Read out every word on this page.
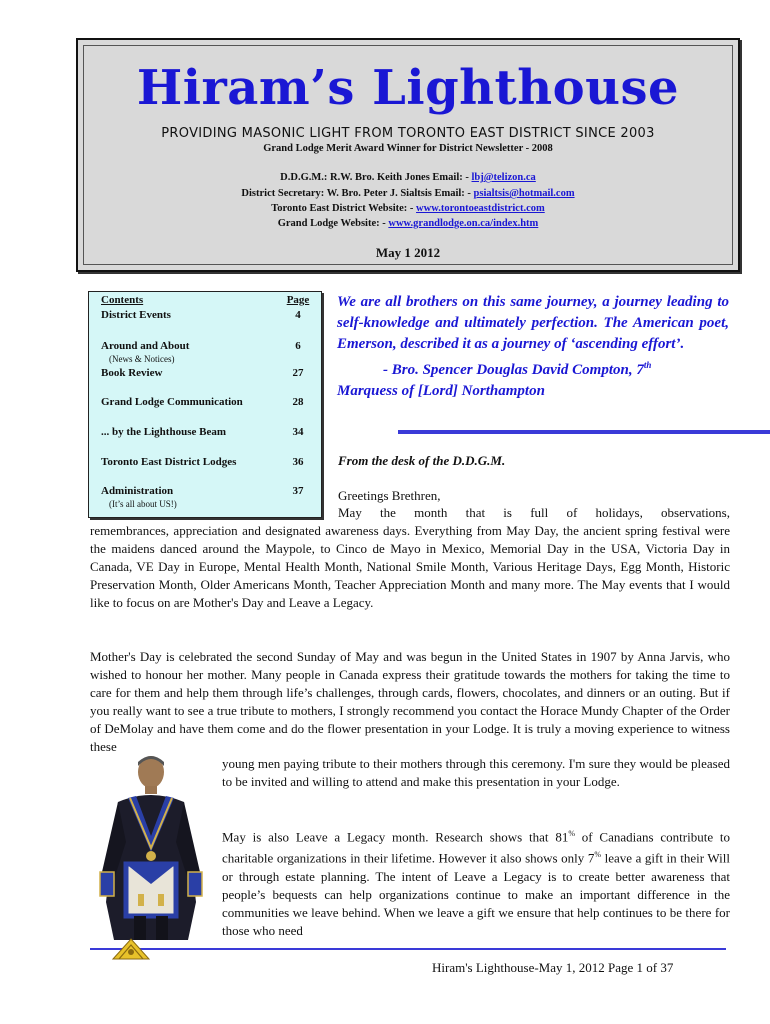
Hiram’s Lighthouse
PROVIDING MASONIC LIGHT FROM TORONTO EAST DISTRICT SINCE 2003
Grand Lodge Merit Award Winner for District Newsletter - 2008
D.D.G.M.: R.W. Bro. Keith Jones Email: - lbj@telizon.ca
District Secretary: W. Bro. Peter J. Sialtsis Email: - psialtsis@hotmail.com
Toronto East District Website: - www.torontoeastdistrict.com
Grand Lodge Website: - www.grandlodge.on.ca/index.htm
May 1 2012
Contents	Page
District Events	4
Around and About	6
(News & Notices)
Book Review	27
Grand Lodge Communication	28
... by the Lighthouse Beam	34
Toronto East District Lodges	36
Administration	37
(It’s all about US!)
We are all brothers on this same journey, a journey leading to self-knowledge and ultimately perfection. The American poet, Emerson, described it as a journey of ‘ascending effort’.
- Bro. Spencer Douglas David Compton, 7th
Marquess of [Lord] Northampton
From the desk of the D.D.G.M.
Greetings Brethren,
May the month that is full of holidays, observations,
remembrances, appreciation and designated awareness days. Everything from May Day, the ancient spring festival were the maidens danced around the Maypole, to Cinco de Mayo in Mexico, Memorial Day in the USA, Victoria Day in Canada, VE Day in Europe, Mental Health Month, National Smile Month, Various Heritage Days, Egg Month, Historic Preservation Month, Older Americans Month, Teacher Appreciation Month and many more. The May events that I would like to focus on are Mother's Day and Leave a Legacy.
Mother's Day is celebrated the second Sunday of May and was begun in the United States in 1907 by Anna Jarvis, who wished to honour her mother. Many people in Canada express their gratitude towards the mothers for taking the time to care for them and help them through life’s challenges, through cards, flowers, chocolates, and dinners or an outing. But if you really want to see a true tribute to mothers, I strongly recommend you contact the Horace Mundy Chapter of the Order of DeMolay and have them come and do the flower presentation in your Lodge. It is truly a moving experience to witness these
young men paying tribute to their mothers through this ceremony. I'm sure they would be pleased to be invited and willing to attend and make this presentation in your Lodge.
May is also Leave a Legacy month. Research shows that 81% of Canadians contribute to charitable organizations in their lifetime. However it also shows only 7% leave a gift in their Will or through estate planning. The intent of Leave a Legacy is to create better awareness that people’s bequests can help organizations continue to make an important difference in the communities we leave behind. When we leave a gift we ensure that help continues to be there for those who need
Hiram's Lighthouse-May 1, 2012 Page 1 of 37
